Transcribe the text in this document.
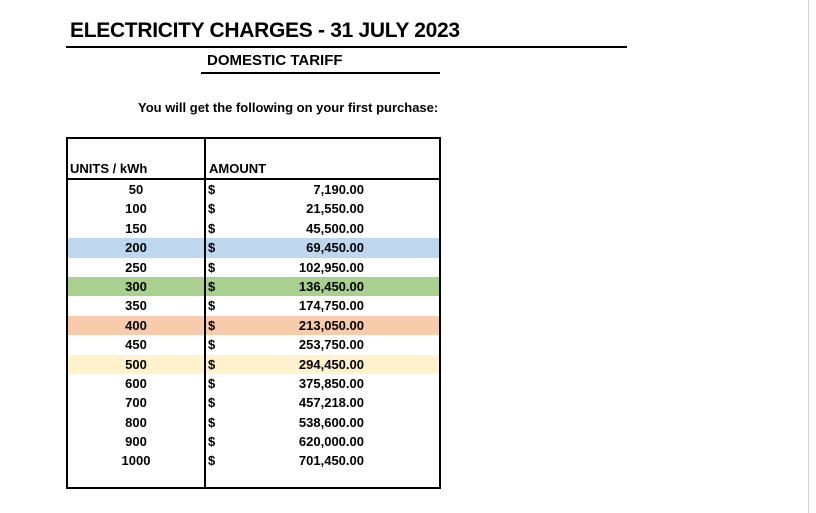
ELECTRICITY CHARGES - 31 JULY 2023
DOMESTIC TARIFF
You will get the following on your first purchase:
UNITS / kWh	AMOUNT
50	$	7,190.00
100	$	21,550.00
150	$	45,500.00
200	$	69,450.00
250	$	102,950.00
300	$	136,450.00
350	$	174,750.00
400	$	213,050.00
450	$	253,750.00
500	$	294,450.00
600	$	375,850.00
700	$	457,218.00
800	$	538,600.00
900	$	620,000.00
1000	$	701,450.00
